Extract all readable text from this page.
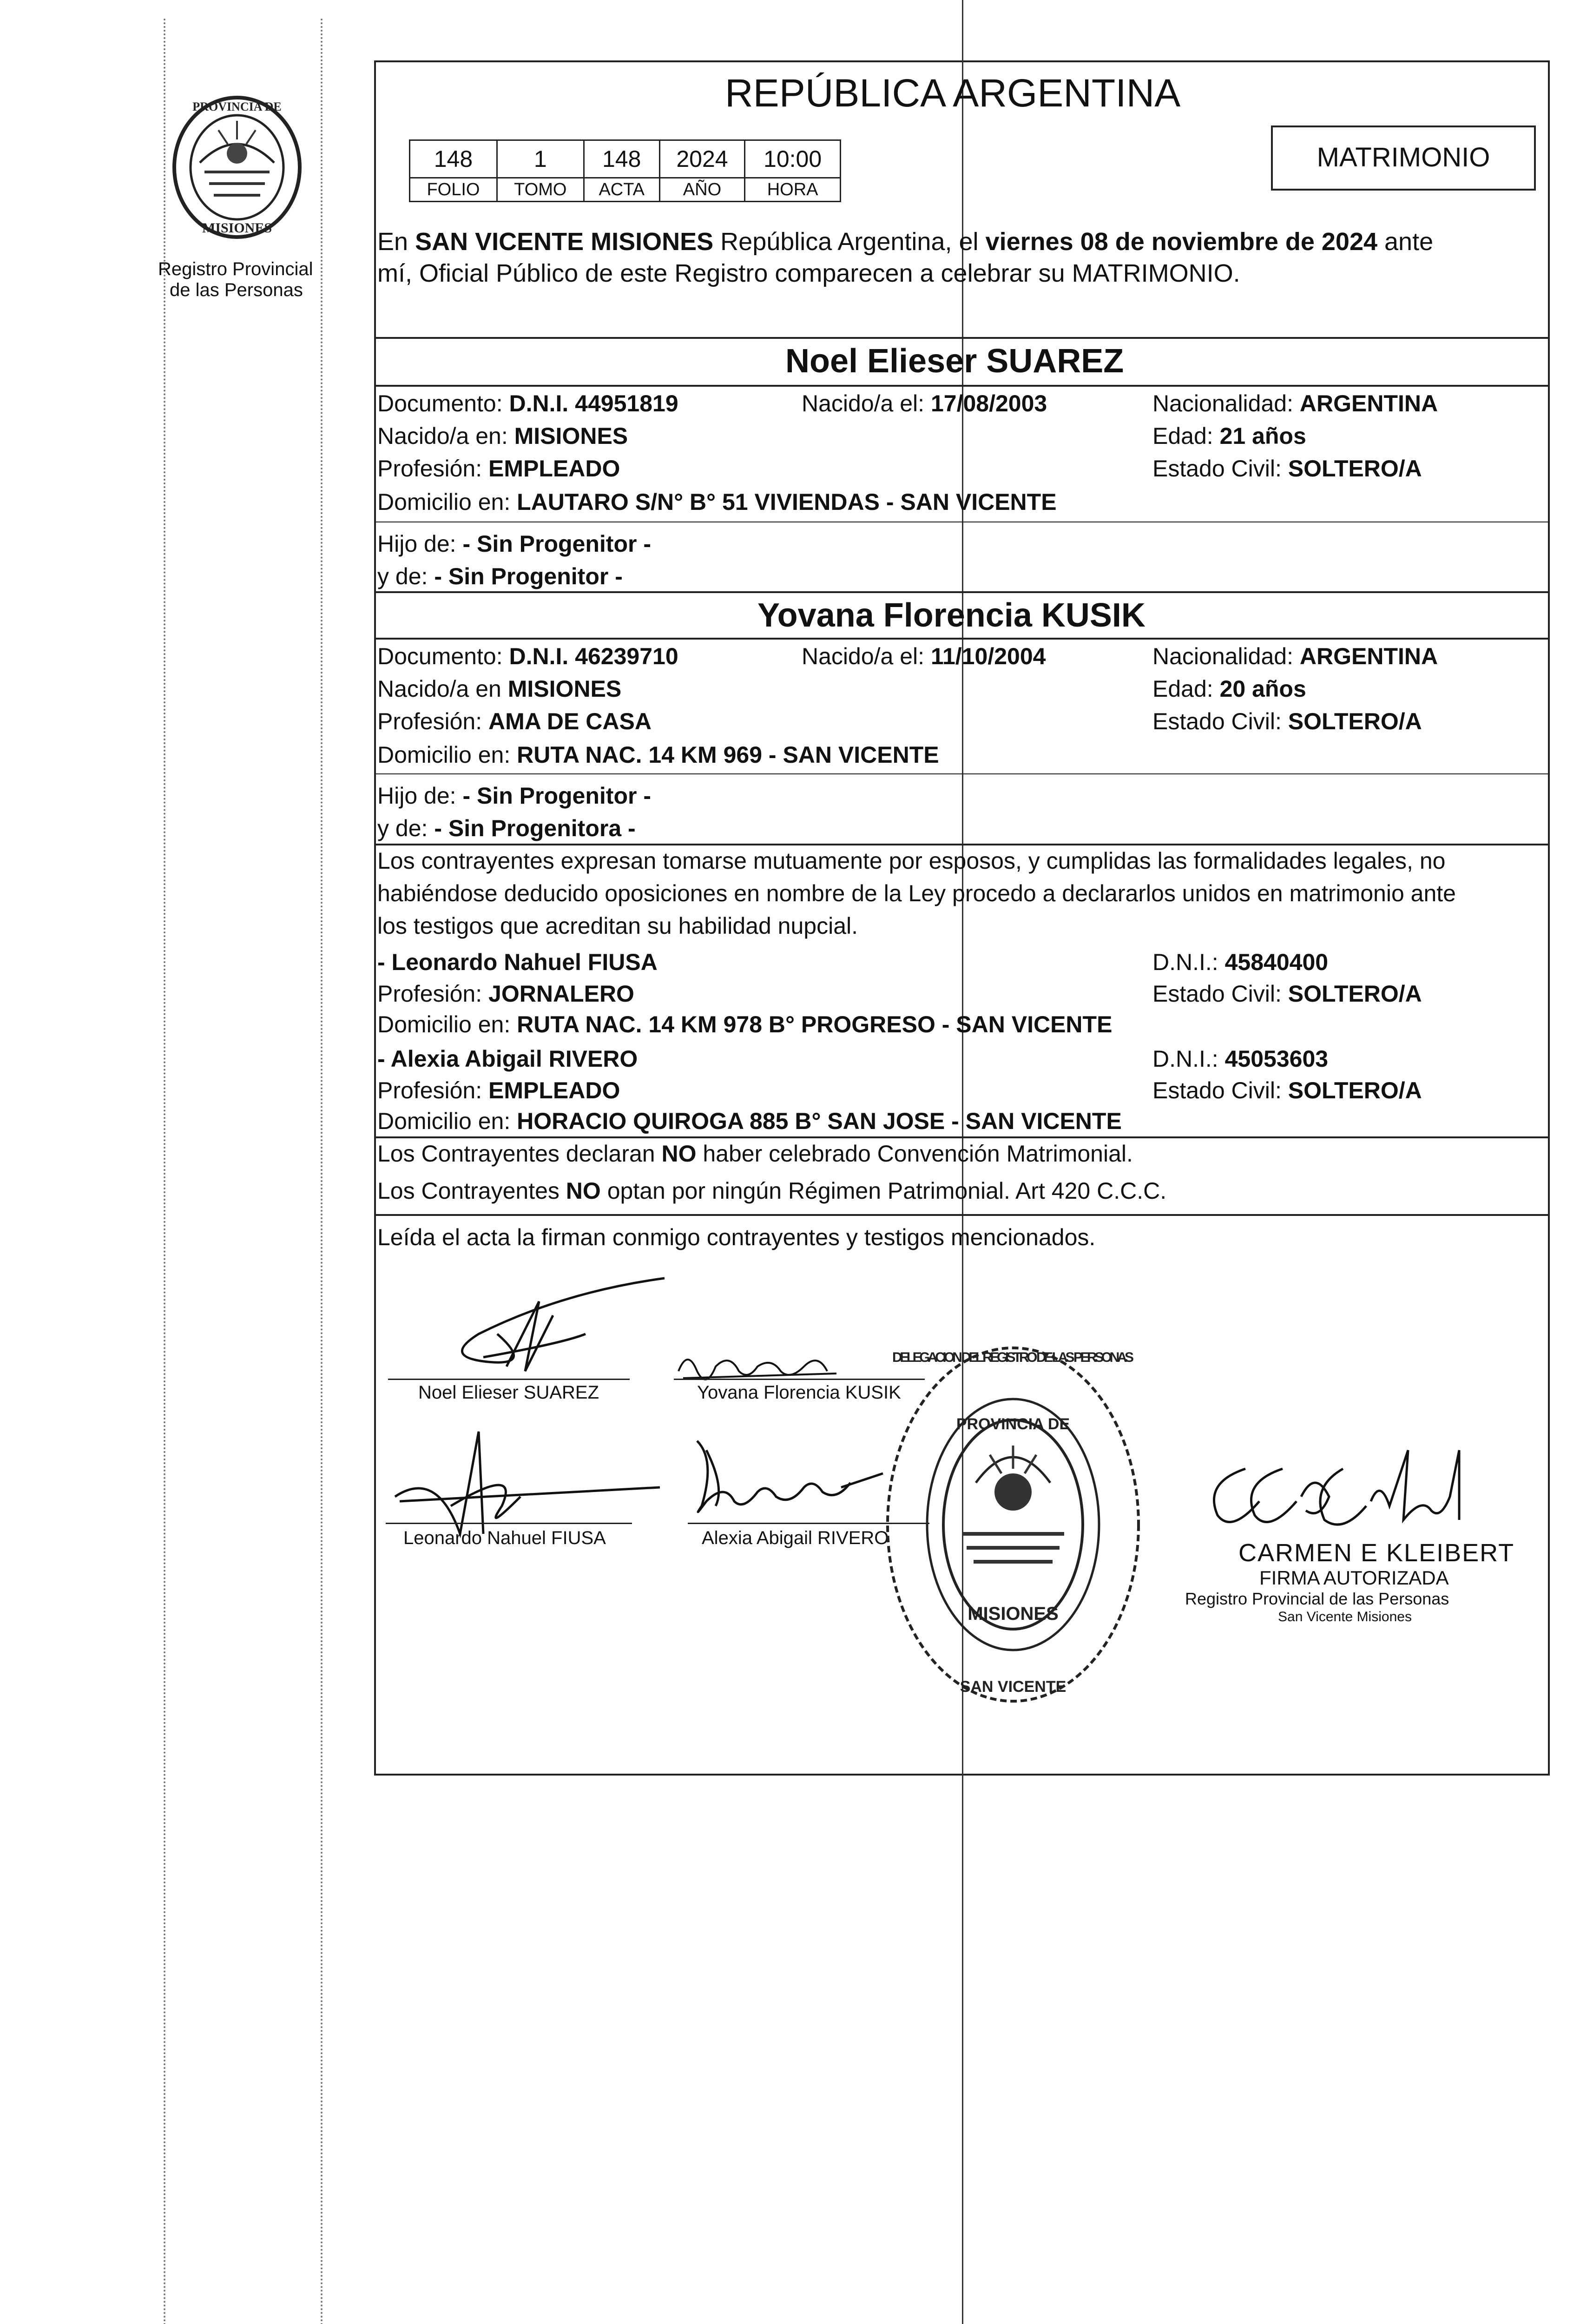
PROVINCIA DE
MISIONES
Registro Provincial
de las Personas
REPÚBLICA ARGENTINA
MATRIMONIO
148	1	148	2024	10:00
FOLIO	TOMO	ACTA	AÑO	HORA
En SAN VICENTE MISIONES República Argentina, el viernes 08 de noviembre de 2024 ante
mí, Oficial Público de este Registro comparecen a celebrar su MATRIMONIO.
Noel Elieser SUAREZ
Documento: D.N.I. 44951819	Nacido/a el: 17/08/2003	Nacionalidad: ARGENTINA
Nacido/a en: MISIONES	Edad: 21 años
Profesión: EMPLEADO	Estado Civil: SOLTERO/A
Domicilio en: LAUTARO S/N° B° 51 VIVIENDAS - SAN VICENTE
Hijo de: - Sin Progenitor -
y de: - Sin Progenitor -
Yovana Florencia KUSIK
Documento: D.N.I. 46239710	Nacido/a el: 11/10/2004	Nacionalidad: ARGENTINA
Nacido/a en MISIONES	Edad: 20 años
Profesión: AMA DE CASA	Estado Civil: SOLTERO/A
Domicilio en: RUTA NAC. 14 KM 969 - SAN VICENTE
Hijo de: - Sin Progenitor -
y de: - Sin Progenitora -
Los contrayentes expresan tomarse mutuamente por esposos, y cumplidas las formalidades legales, no
habiéndose deducido oposiciones en nombre de la Ley procedo a declararlos unidos en matrimonio ante
los testigos que acreditan su habilidad nupcial.
- Leonardo Nahuel FIUSA	D.N.I.: 45840400
Profesión: JORNALERO	Estado Civil: SOLTERO/A
Domicilio en: RUTA NAC. 14 KM 978 B° PROGRESO - SAN VICENTE
- Alexia Abigail RIVERO	D.N.I.: 45053603
Profesión: EMPLEADO	Estado Civil: SOLTERO/A
Domicilio en: HORACIO QUIROGA 885 B° SAN JOSE - SAN VICENTE
Los Contrayentes declaran NO haber celebrado Convención Matrimonial.
Los Contrayentes NO optan por ningún Régimen Patrimonial. Art 420 C.C.C.
Leída el acta la firman conmigo contrayentes y testigos mencionados.
Noel Elieser SUAREZ	Yovana Florencia KUSIK
Leonardo Nahuel FIUSA	Alexia Abigail RIVERO
PROVINCIA DE
MISIONES
DELEGACION DEL REGISTRO DE LAS PERSONAS
SAN VICENTE
CARMEN E KLEIBERT
FIRMA AUTORIZADA
Registro Provincial de las Personas
San Vicente Misiones
